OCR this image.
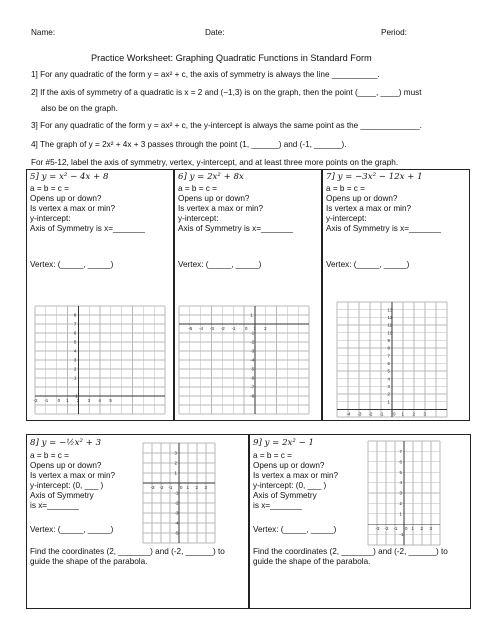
Name:	Date:	Period:
Practice Worksheet: Graphing Quadratic Functions in Standard Form
1] For any quadratic of the form y = ax² + c, the axis of symmetry is always the line __________.
2] If the axis of symmetry of a quadratic is x = 2 and (−1,3) is on the graph, then the point (____, ____) must
also be on the graph.
3] For any quadratic of the form y = ax² + c, the y-intercept is always the same point as the _____________.
4] The graph of y = 2x² + 4x + 3 passes through the point (1, ______) and (-1, ______).
For #5-12, label the axis of symmetry, vertex, y-intercept, and at least three more points on the graph.
5] y = x² − 4x + 8
a = b = c =
Opens up or down?
Is vertex a max or min?
y-intercept:
Axis of Symmetry is x=_______
Vertex: (_____, _____)
-2 -1 0 1 2 3 4 5
8
7
6
5
4
3
2
1
-1
6] y = 2x² + 8x
a = b = c =
Opens up or down?
Is vertex a max or min?
y-intercept:
Axis of Symmetry is x=_______
Vertex: (_____, _____)
-5 -4 -3 -2 -1 0 1 2
1
-1
-2
-3
-4
-5
-6
-7
-8
7] y = −3x² − 12x + 1
a = b = c =
Opens up or down?
Is vertex a max or min?
y-intercept:
Axis of Symmetry is x=_______
Vertex: (_____, _____)
-4 -3 -2 -1 0 1 2 3
13
12
11
10
9
8
7
6
5
4
3
2
1
8] y = −½x² + 3
a = b = c =
Opens up or down?
Is vertex a max or min?
y-intercept: (0, ___ )
Axis of Symmetry
is x=_______
Vertex: (_____, _____)
Find the coordinates (2, _______) and (-2, ______) to
guide the shape of the parabola.
-3 -2 -1 0 1 2 3
3
2
1
-1
-2
-3
-4
-5
9] y = 2x² − 1
a = b = c =
Opens up or down?
Is vertex a max or min?
y-intercept: (0, ___ )
Axis of Symmetry
is x=_______
Vertex: (_____, _____)
Find the coordinates (2, _______) and (-2, ______) to
guide the shape of the parabola.
-3 -2 -1 0 1 2 3
7
6
5
4
3
2
1
-1
